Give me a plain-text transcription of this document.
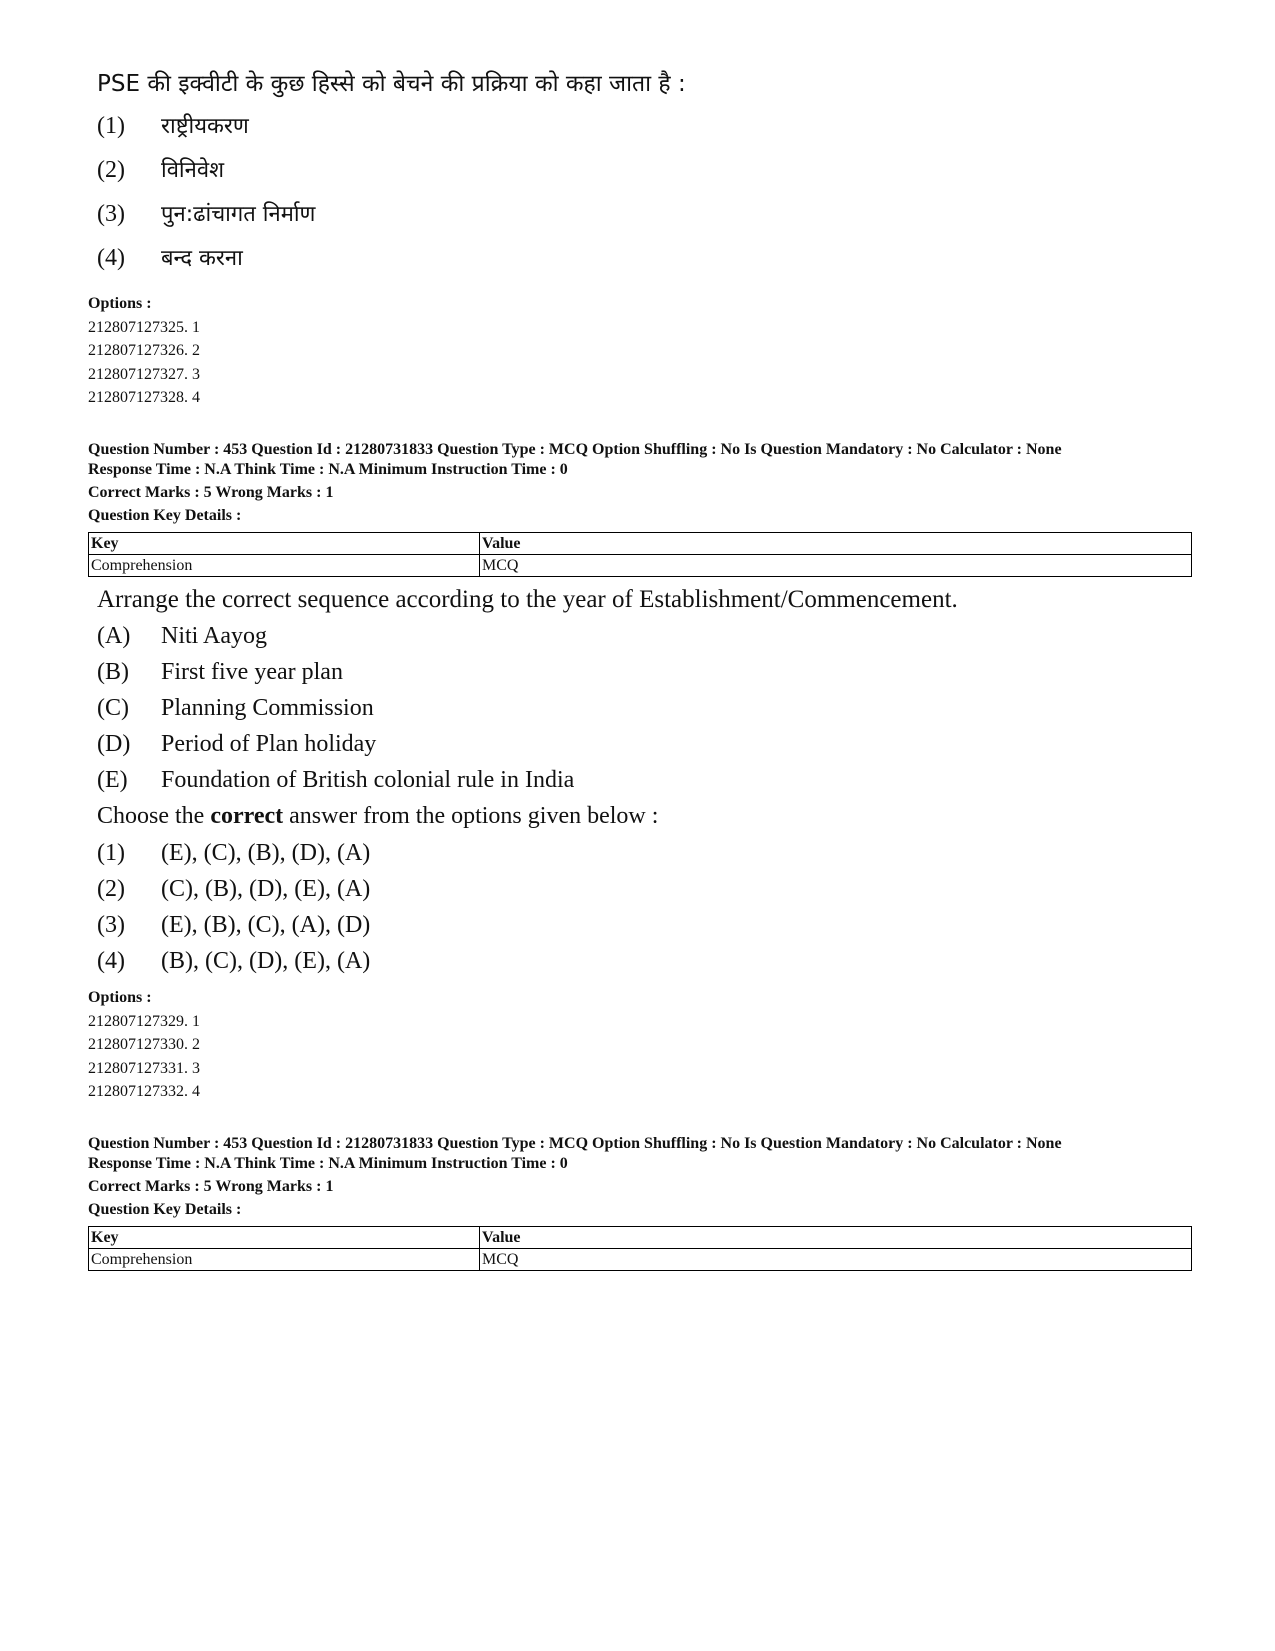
PSE की इक्वीटी के कुछ हिस्से को बेचने की प्रक्रिया को कहा जाता है :
(1) राष्ट्रीयकरण
(2) विनिवेश
(3) पुन:ढांचागत निर्माण
(4) बन्द करना
Options :
212807127325. 1
212807127326. 2
212807127327. 3
212807127328. 4
Question Number : 453 Question Id : 21280731833 Question Type : MCQ Option Shuffling : No Is Question Mandatory : No Calculator : None
Response Time : N.A Think Time : N.A Minimum Instruction Time : 0
Correct Marks : 5 Wrong Marks : 1
Question Key Details :
Key	Value
Comprehension	MCQ
Arrange the correct sequence according to the year of Establishment/Commencement.
(A) Niti Aayog
(B) First five year plan
(C) Planning Commission
(D) Period of Plan holiday
(E) Foundation of British colonial rule in India
Choose the correct answer from the options given below :
(1) (E), (C), (B), (D), (A)
(2) (C), (B), (D), (E), (A)
(3) (E), (B), (C), (A), (D)
(4) (B), (C), (D), (E), (A)
Options :
212807127329. 1
212807127330. 2
212807127331. 3
212807127332. 4
Question Number : 453 Question Id : 21280731833 Question Type : MCQ Option Shuffling : No Is Question Mandatory : No Calculator : None
Response Time : N.A Think Time : N.A Minimum Instruction Time : 0
Correct Marks : 5 Wrong Marks : 1
Question Key Details :
Key	Value
Comprehension	MCQ
